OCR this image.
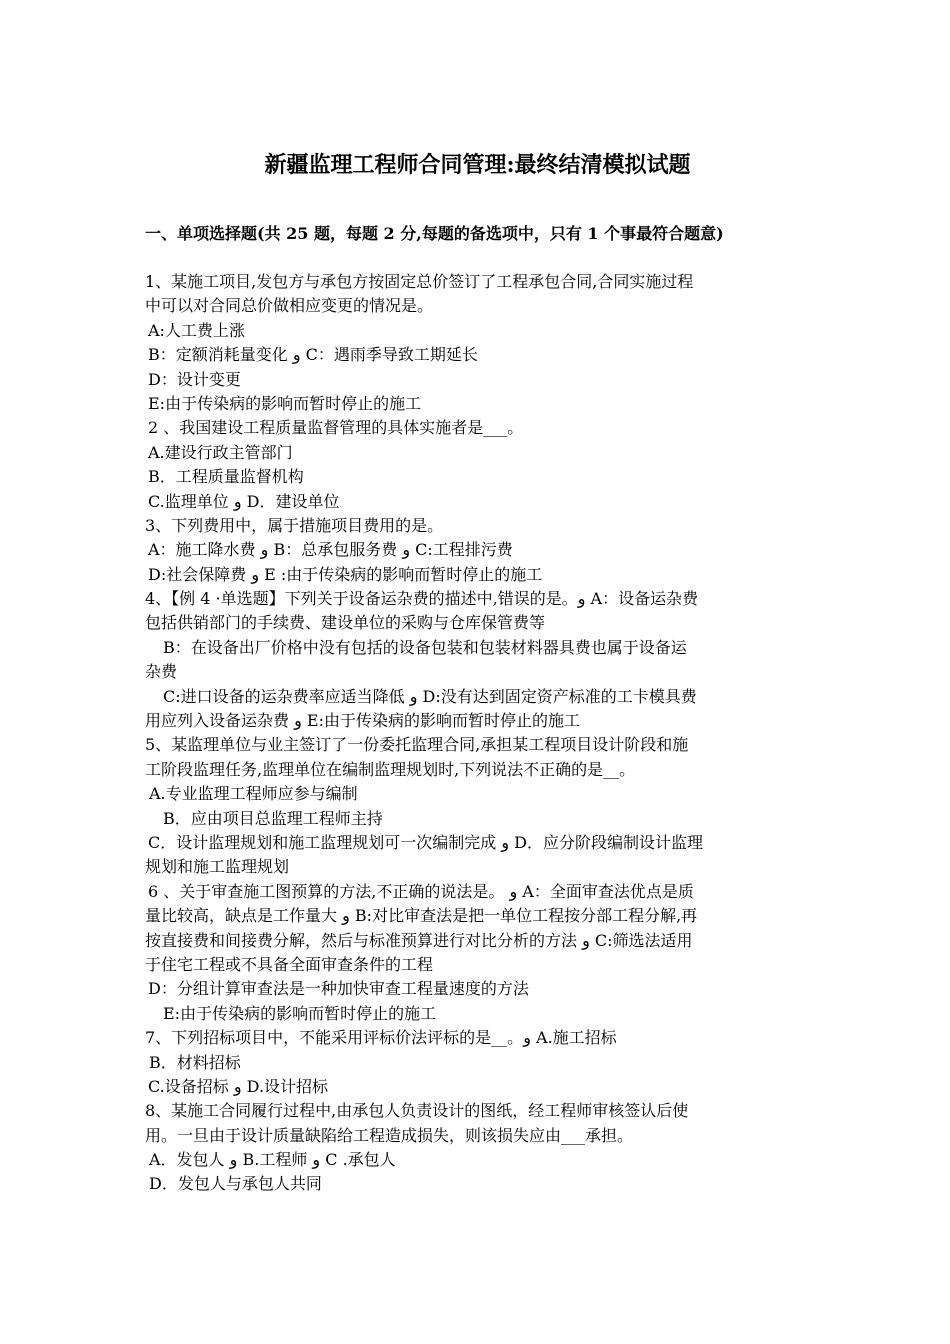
新疆监理工程师合同管理:最终结清模拟试题
一、单项选择题(共 25 题，每题 2 分,每题的备选项中，只有 1 个事最符合题意)
1、某施工项目,发包方与承包方按固定总价签订了工程承包合同,合同实施过程
中可以对合同总价做相应变更的情况是。
A:人工费上涨
B：定额消耗量变化 و C：遇雨季导致工期延长
D：设计变更
E:由于传染病的影响而暂时停止的施工
2 、我国建设工程质量监督管理的具体实施者是___。
A.建设行政主管部门
B．工程质量监督机构
C.监理单位 و D．建设单位
3、下列费用中，属于措施项目费用的是。
A：施工降水费 و B：总承包服务费 و C:工程排污费
D:社会保障费 و E :由于传染病的影响而暂时停止的施工
4、【例 4 ·单选题】下列关于设备运杂费的描述中,错误的是。و A：设备运杂费
包括供销部门的手续费、建设单位的采购与仓库保管费等
B：在设备出厂价格中没有包括的设备包装和包装材料器具费也属于设备运
杂费
C:进口设备的运杂费率应适当降低 و D:没有达到固定资产标准的工卡模具费
用应列入设备运杂费 و E:由于传染病的影响而暂时停止的施工
5、某监理单位与业主签订了一份委托监理合同,承担某工程项目设计阶段和施
工阶段监理任务,监理单位在编制监理规划时,下列说法不正确的是__。
A.专业监理工程师应参与编制
B．应由项目总监理工程师主持
C．设计监理规划和施工监理规划可一次编制完成 و D．应分阶段编制设计监理
规划和施工监理规划
6 、关于审查施工图预算的方法,不正确的说法是。 و A：全面审查法优点是质
量比较高，缺点是工作量大 و B:对比审查法是把一单位工程按分部工程分解,再
按直接费和间接费分解，然后与标准预算进行对比分析的方法 و C:筛选法适用
于住宅工程或不具备全面审查条件的工程
D：分组计算审查法是一种加快审查工程量速度的方法
E:由于传染病的影响而暂时停止的施工
7、下列招标项目中，不能采用评标价法评标的是__。و A.施工招标
B．材料招标
C.设备招标 و D.设计招标
8、某施工合同履行过程中,由承包人负责设计的图纸，经工程师审核签认后使
用。一旦由于设计质量缺陷给工程造成损失，则该损失应由___承担。
A．发包人 و B.工程师 و C .承包人
D．发包人与承包人共同
